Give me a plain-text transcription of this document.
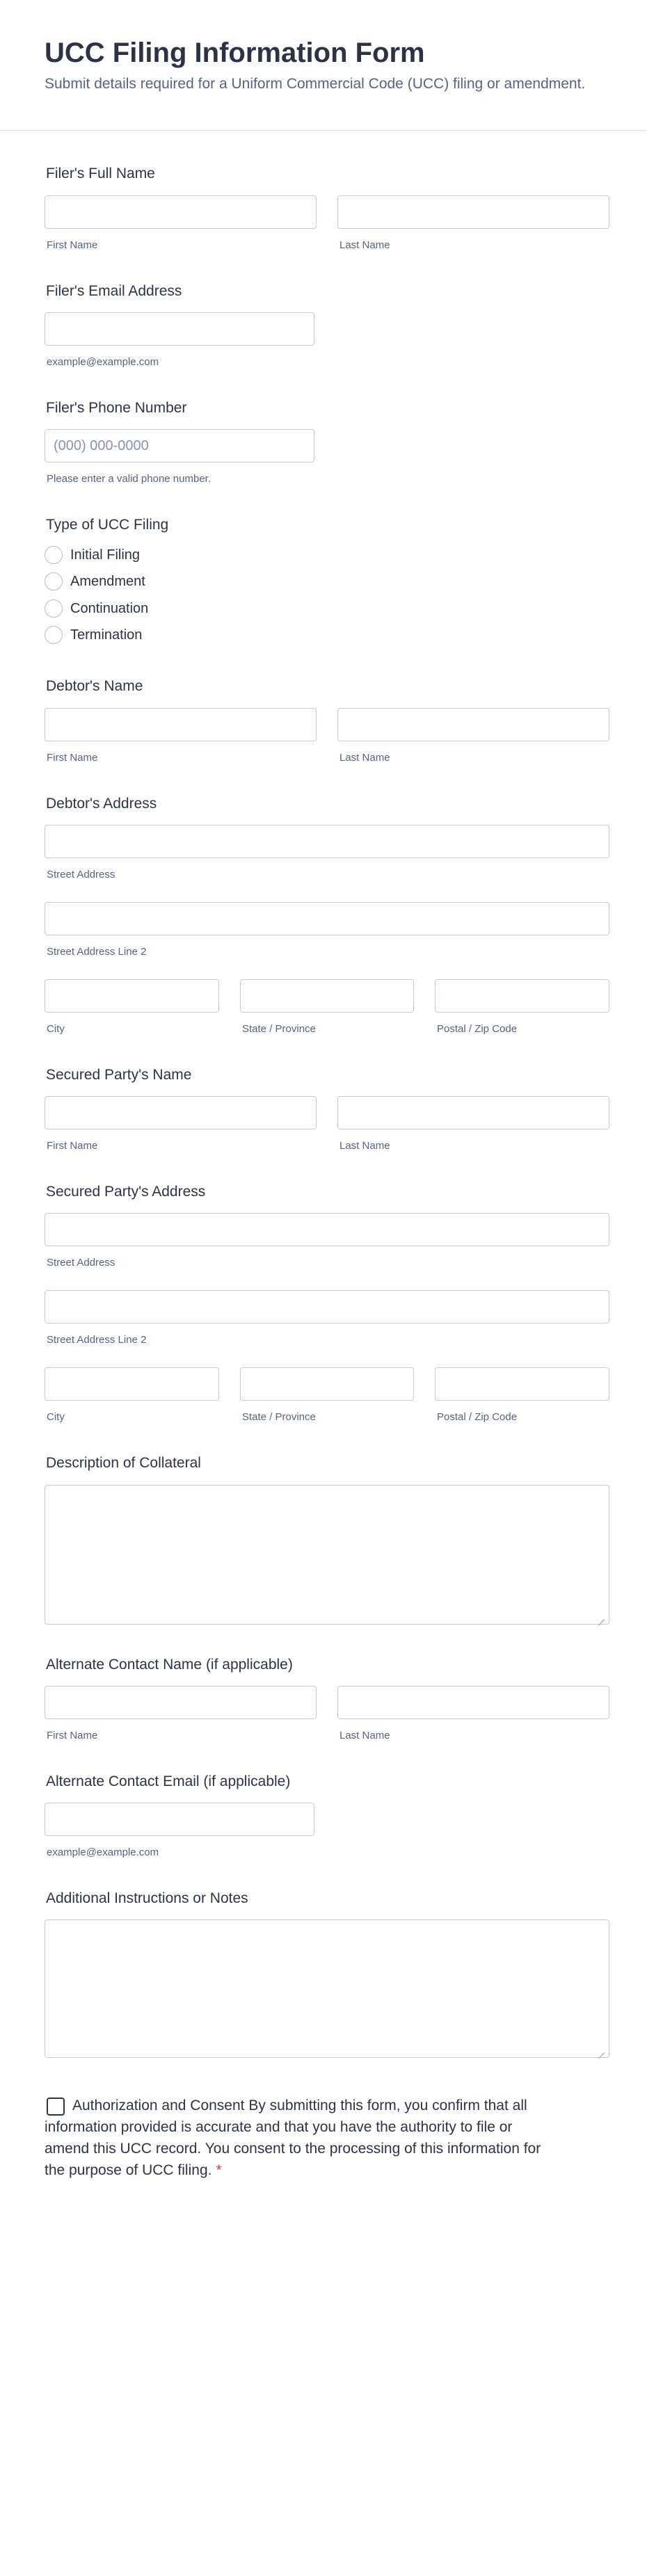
UCC Filing Information Form

Submit details required for a Uniform Commercial Code (UCC) filing or amendment.

Filer's Full Name
First Name	Last Name
Filer's Email Address
example@example.com
Filer's Phone Number
(000) 000-0000
Please enter a valid phone number.
Type of UCC Filing
Initial Filing
Amendment
Continuation
Termination
Debtor's Name
First Name	Last Name
Debtor's Address
Street Address
Street Address Line 2
City	State / Province	Postal / Zip Code
Secured Party's Name
First Name	Last Name
Secured Party's Address
Street Address
Street Address Line 2
City	State / Province	Postal / Zip Code
Description of Collateral
Alternate Contact Name (if applicable)
First Name	Last Name
Alternate Contact Email (if applicable)
example@example.com
Additional Instructions or Notes

Authorization and Consent By submitting this form, you confirm that all information provided is accurate and that you have the authority to file or amend this UCC record. You consent to the processing of this information for the purpose of UCC filing. *
